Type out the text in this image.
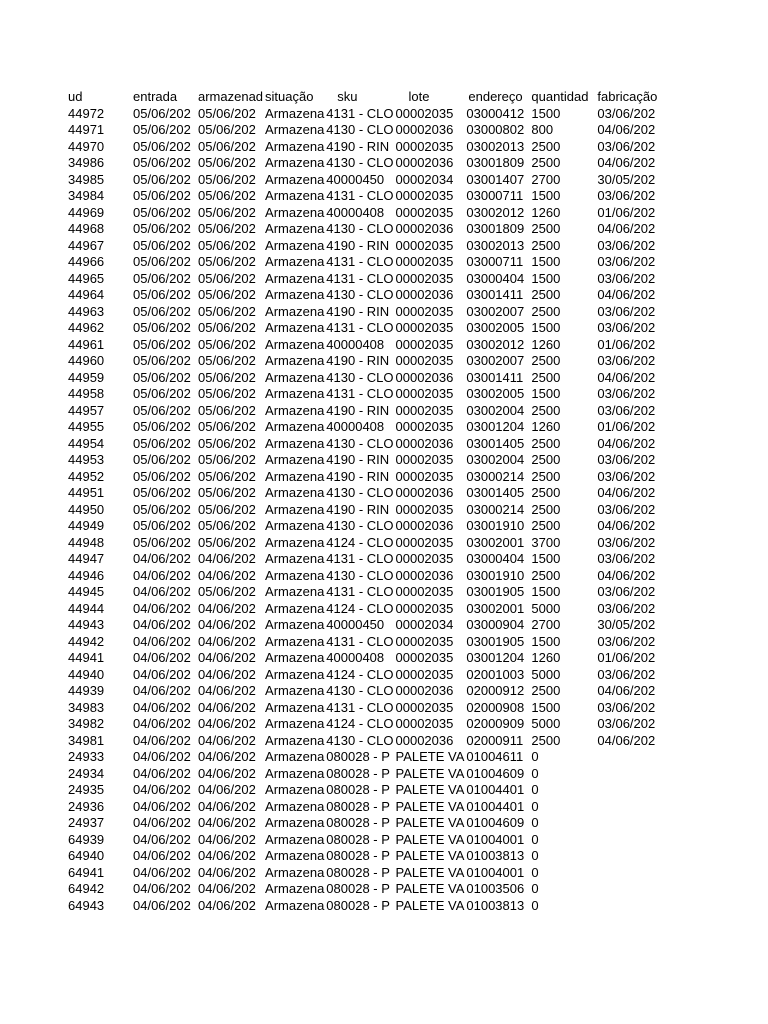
ud	entrada	armazenad	situação	sku	lote	endereço	quantidad	fabricação
44972	05/06/202	05/06/202	Armazena	4131 - CLO	00002035	03000412	1500	03/06/202
44971	05/06/202	05/06/202	Armazena	4130 - CLO	00002036	03000802	800	04/06/202
44970	05/06/202	05/06/202	Armazena	4190 - RIN	00002035	03002013	2500	03/06/202
34986	05/06/202	05/06/202	Armazena	4130 - CLO	00002036	03001809	2500	04/06/202
34985	05/06/202	05/06/202	Armazena	40000450	00002034	03001407	2700	30/05/202
34984	05/06/202	05/06/202	Armazena	4131 - CLO	00002035	03000711	1500	03/06/202
44969	05/06/202	05/06/202	Armazena	40000408	00002035	03002012	1260	01/06/202
44968	05/06/202	05/06/202	Armazena	4130 - CLO	00002036	03001809	2500	04/06/202
44967	05/06/202	05/06/202	Armazena	4190 - RIN	00002035	03002013	2500	03/06/202
44966	05/06/202	05/06/202	Armazena	4131 - CLO	00002035	03000711	1500	03/06/202
44965	05/06/202	05/06/202	Armazena	4131 - CLO	00002035	03000404	1500	03/06/202
44964	05/06/202	05/06/202	Armazena	4130 - CLO	00002036	03001411	2500	04/06/202
44963	05/06/202	05/06/202	Armazena	4190 - RIN	00002035	03002007	2500	03/06/202
44962	05/06/202	05/06/202	Armazena	4131 - CLO	00002035	03002005	1500	03/06/202
44961	05/06/202	05/06/202	Armazena	40000408	00002035	03002012	1260	01/06/202
44960	05/06/202	05/06/202	Armazena	4190 - RIN	00002035	03002007	2500	03/06/202
44959	05/06/202	05/06/202	Armazena	4130 - CLO	00002036	03001411	2500	04/06/202
44958	05/06/202	05/06/202	Armazena	4131 - CLO	00002035	03002005	1500	03/06/202
44957	05/06/202	05/06/202	Armazena	4190 - RIN	00002035	03002004	2500	03/06/202
44955	05/06/202	05/06/202	Armazena	40000408	00002035	03001204	1260	01/06/202
44954	05/06/202	05/06/202	Armazena	4130 - CLO	00002036	03001405	2500	04/06/202
44953	05/06/202	05/06/202	Armazena	4190 - RIN	00002035	03002004	2500	03/06/202
44952	05/06/202	05/06/202	Armazena	4190 - RIN	00002035	03000214	2500	03/06/202
44951	05/06/202	05/06/202	Armazena	4130 - CLO	00002036	03001405	2500	04/06/202
44950	05/06/202	05/06/202	Armazena	4190 - RIN	00002035	03000214	2500	03/06/202
44949	05/06/202	05/06/202	Armazena	4130 - CLO	00002036	03001910	2500	04/06/202
44948	05/06/202	05/06/202	Armazena	4124 - CLO	00002035	03002001	3700	03/06/202
44947	04/06/202	04/06/202	Armazena	4131 - CLO	00002035	03000404	1500	03/06/202
44946	04/06/202	04/06/202	Armazena	4130 - CLO	00002036	03001910	2500	04/06/202
44945	04/06/202	05/06/202	Armazena	4131 - CLO	00002035	03001905	1500	03/06/202
44944	04/06/202	04/06/202	Armazena	4124 - CLO	00002035	03002001	5000	03/06/202
44943	04/06/202	04/06/202	Armazena	40000450	00002034	03000904	2700	30/05/202
44942	04/06/202	04/06/202	Armazena	4131 - CLO	00002035	03001905	1500	03/06/202
44941	04/06/202	04/06/202	Armazena	40000408	00002035	03001204	1260	01/06/202
44940	04/06/202	04/06/202	Armazena	4124 - CLO	00002035	02001003	5000	03/06/202
44939	04/06/202	04/06/202	Armazena	4130 - CLO	00002036	02000912	2500	04/06/202
34983	04/06/202	04/06/202	Armazena	4131 - CLO	00002035	02000908	1500	03/06/202
34982	04/06/202	04/06/202	Armazena	4124 - CLO	00002035	02000909	5000	03/06/202
34981	04/06/202	04/06/202	Armazena	4130 - CLO	00002036	02000911	2500	04/06/202
24933	04/06/202	04/06/202	Armazena	080028 - P	PALETE VA	01004611	0	
24934	04/06/202	04/06/202	Armazena	080028 - P	PALETE VA	01004609	0	
24935	04/06/202	04/06/202	Armazena	080028 - P	PALETE VA	01004401	0	
24936	04/06/202	04/06/202	Armazena	080028 - P	PALETE VA	01004401	0	
24937	04/06/202	04/06/202	Armazena	080028 - P	PALETE VA	01004609	0	
64939	04/06/202	04/06/202	Armazena	080028 - P	PALETE VA	01004001	0	
64940	04/06/202	04/06/202	Armazena	080028 - P	PALETE VA	01003813	0	
64941	04/06/202	04/06/202	Armazena	080028 - P	PALETE VA	01004001	0	
64942	04/06/202	04/06/202	Armazena	080028 - P	PALETE VA	01003506	0	
64943	04/06/202	04/06/202	Armazena	080028 - P	PALETE VA	01003813	0	
